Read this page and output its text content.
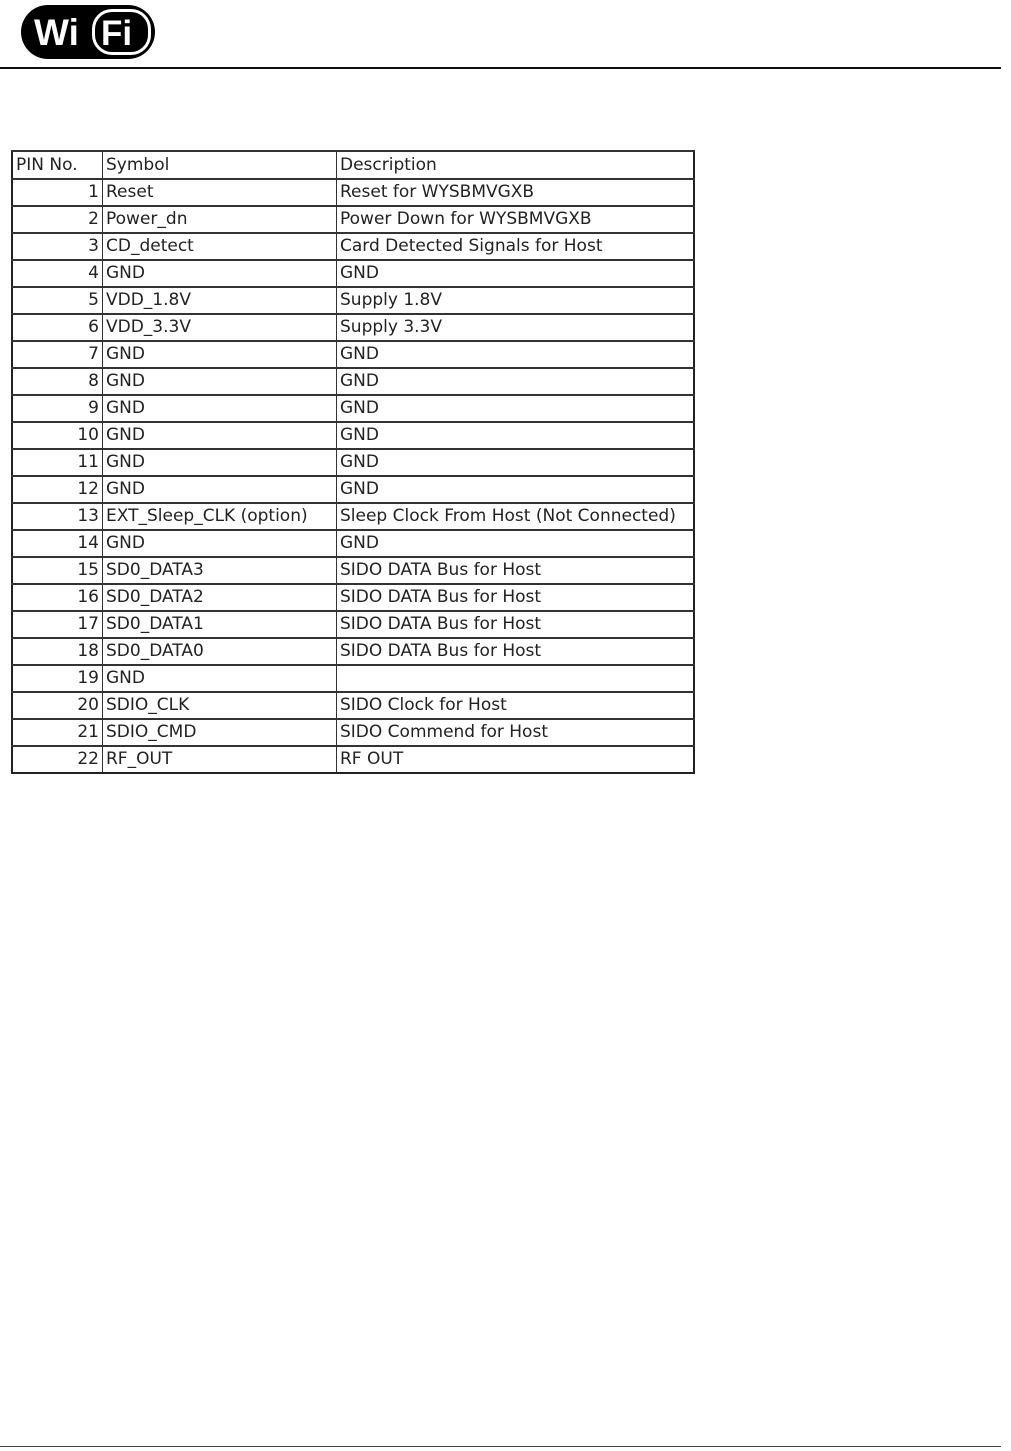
Wi Fi
PIN No.	Symbol	Description
1	Reset	Reset for WYSBMVGXB
2	Power_dn	Power Down for WYSBMVGXB
3	CD_detect	Card Detected Signals for Host
4	GND	GND
5	VDD_1.8V	Supply 1.8V
6	VDD_3.3V	Supply 3.3V
7	GND	GND
8	GND	GND
9	GND	GND
10	GND	GND
11	GND	GND
12	GND	GND
13	EXT_Sleep_CLK (option)	Sleep Clock From Host (Not Connected)
14	GND	GND
15	SD0_DATA3	SIDO DATA Bus for Host
16	SD0_DATA2	SIDO DATA Bus for Host
17	SD0_DATA1	SIDO DATA Bus for Host
18	SD0_DATA0	SIDO DATA Bus for Host
19	GND	
20	SDIO_CLK	SIDO Clock for Host
21	SDIO_CMD	SIDO Commend for Host
22	RF_OUT	RF OUT
